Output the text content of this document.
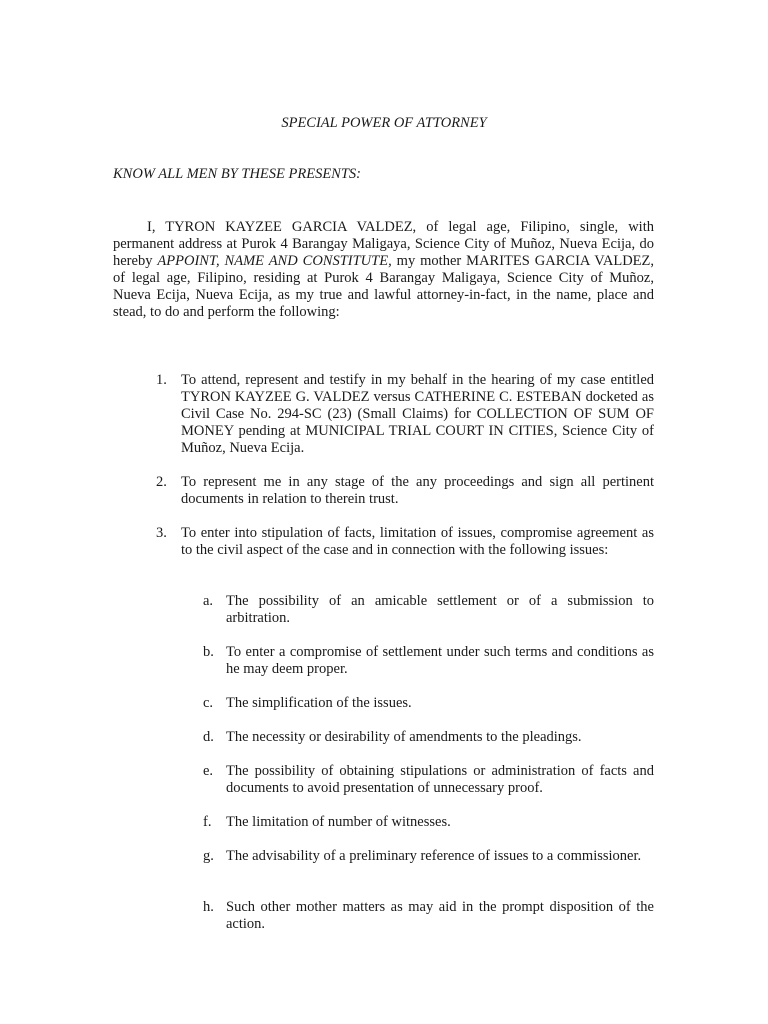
SPECIAL POWER OF ATTORNEY
KNOW ALL MEN BY THESE PRESENTS:
I, TYRON KAYZEE GARCIA VALDEZ, of legal age, Filipino, single, with permanent address at Purok 4 Barangay Maligaya, Science City of Muñoz, Nueva Ecija, do hereby APPOINT, NAME AND CONSTITUTE, my mother MARITES GARCIA VALDEZ, of legal age, Filipino, residing at Purok 4 Barangay Maligaya, Science City of Muñoz, Nueva Ecija, Nueva Ecija, as my true and lawful attorney-in-fact, in the name, place and stead, to do and perform the following:
1. To attend, represent and testify in my behalf in the hearing of my case entitled TYRON KAYZEE G. VALDEZ versus CATHERINE C. ESTEBAN docketed as Civil Case No. 294-SC (23) (Small Claims) for COLLECTION OF SUM OF MONEY pending at MUNICIPAL TRIAL COURT IN CITIES, Science City of Muñoz, Nueva Ecija.
2. To represent me in any stage of the any proceedings and sign all pertinent documents in relation to therein trust.
3. To enter into stipulation of facts, limitation of issues, compromise agreement as to the civil aspect of the case and in connection with the following issues:
a. The possibility of an amicable settlement or of a submission to arbitration.
b. To enter a compromise of settlement under such terms and conditions as he may deem proper.
c. The simplification of the issues.
d. The necessity or desirability of amendments to the pleadings.
e. The possibility of obtaining stipulations or administration of facts and documents to avoid presentation of unnecessary proof.
f. The limitation of number of witnesses.
g. The advisability of a preliminary reference of issues to a commissioner.
h. Such other mother matters as may aid in the prompt disposition of the action.
